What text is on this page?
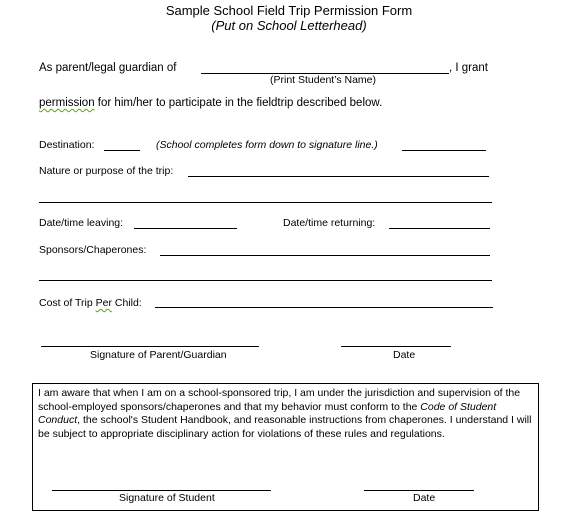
Sample School Field Trip Permission Form
(Put on School Letterhead)
As parent/legal guardian of	, I grant
(Print Student’s Name)
permission for him/her to participate in the fieldtrip described below.
Destination:	(School completes form down to signature line.)
Nature or purpose of the trip:
Date/time leaving:	Date/time returning:
Sponsors/Chaperones:
Cost of Trip Per Child:
Signature of Parent/Guardian	Date
I am aware that when I am on a school-sponsored trip, I am under the jurisdiction and supervision of the school-employed sponsors/chaperones and that my behavior must conform to the Code of Student Conduct, the school's Student Handbook, and reasonable instructions from chaperones. I understand I will be subject to appropriate disciplinary action for violations of these rules and regulations.
Signature of Student	Date
